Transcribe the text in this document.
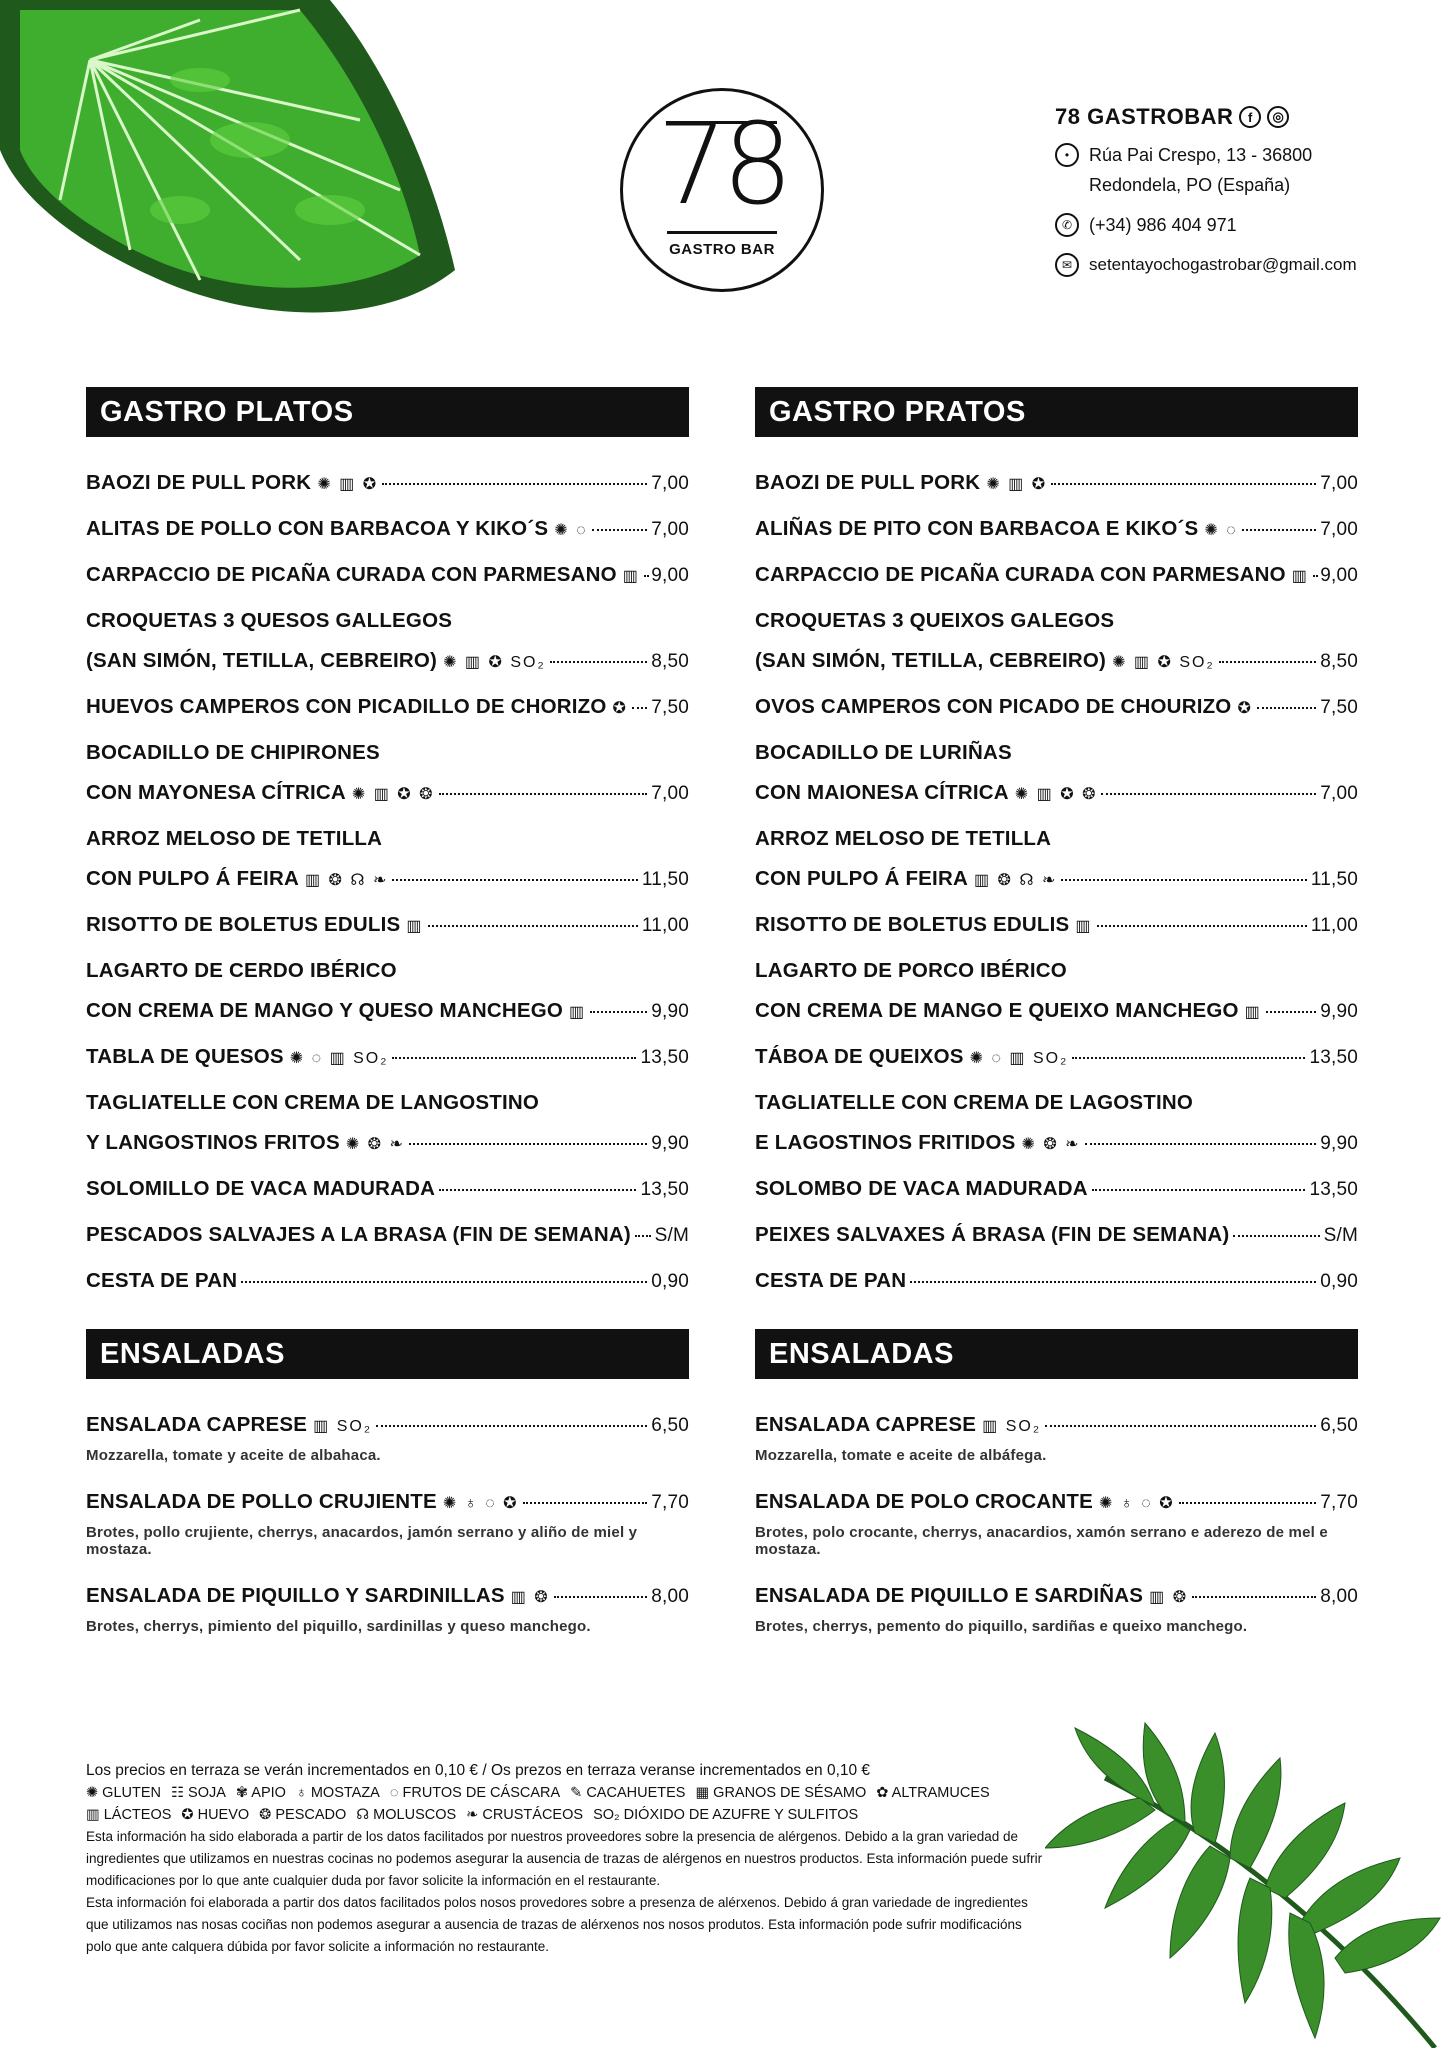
78
GASTRO BAR
78 GASTROBAR	f	◎
•	Rúa Pai Crespo, 13 - 36800
Redondela, PO (España)
✆ (+34) 986 404 971
✉ setentayochogastrobar@gmail.com
GASTRO PLATOS
BAOZI DE PULL PORK ✺ ▥ ✪	7,00
ALITAS DE POLLO CON BARBACOA Y KIKO´S ✺ ◌	7,00
CARPACCIO DE PICAÑA CURADA CON PARMESANO ▥ 9,00
CROQUETAS 3 QUESOS GALLEGOS
(SAN SIMÓN, TETILLA, CEBREIRO) ✺ ▥ ✪ SO₂	8,50
HUEVOS CAMPEROS CON PICADILLO DE CHORIZO ✪ 7,50
BOCADILLO DE CHIPIRONES
CON MAYONESA CÍTRICA ✺ ▥ ✪ ❂	7,00
ARROZ MELOSO DE TETILLA
CON PULPO Á FEIRA ▥ ❂ ☊ ❧	11,50
RISOTTO DE BOLETUS EDULIS ▥	11,00
LAGARTO DE CERDO IBÉRICO
CON CREMA DE MANGO Y QUESO MANCHEGO ▥	9,90
TABLA DE QUESOS ✺ ◌ ▥ SO₂	13,50
TAGLIATELLE CON CREMA DE LANGOSTINO
Y LANGOSTINOS FRITOS ✺ ❂ ❧	9,90
SOLOMILLO DE VACA MADURADA	13,50
PESCADOS SALVAJES A LA BRASA (FIN DE SEMANA) S/M
CESTA DE PAN	0,90
ENSALADAS
ENSALADA CAPRESE ▥ SO₂	6,50
Mozzarella, tomate y aceite de albahaca.
ENSALADA DE POLLO CRUJIENTE ✺ ♁ ◌ ✪	7,70
Brotes, pollo crujiente, cherrys, anacardos, jamón serrano y aliño de miel y mostaza.
ENSALADA DE PIQUILLO Y SARDINILLAS ▥ ❂	8,00
Brotes, cherrys, pimiento del piquillo, sardinillas y queso manchego.
GASTRO PRATOS
BAOZI DE PULL PORK ✺ ▥ ✪	7,00
ALIÑAS DE PITO CON BARBACOA E KIKO´S ✺ ◌	7,00
CARPACCIO DE PICAÑA CURADA CON PARMESANO ▥ 9,00
CROQUETAS 3 QUEIXOS GALEGOS
(SAN SIMÓN, TETILLA, CEBREIRO) ✺ ▥ ✪ SO₂	8,50
OVOS CAMPEROS CON PICADO DE CHOURIZO ✪	7,50
BOCADILLO DE LURIÑAS
CON MAIONESA CÍTRICA ✺ ▥ ✪ ❂	7,00
ARROZ MELOSO DE TETILLA
CON PULPO Á FEIRA ▥ ❂ ☊ ❧	11,50
RISOTTO DE BOLETUS EDULIS ▥	11,00
LAGARTO DE PORCO IBÉRICO
CON CREMA DE MANGO E QUEIXO MANCHEGO ▥	9,90
TÁBOA DE QUEIXOS ✺ ◌ ▥ SO₂	13,50
TAGLIATELLE CON CREMA DE LAGOSTINO
E LAGOSTINOS FRITIDOS ✺ ❂ ❧	9,90
SOLOMBO DE VACA MADURADA	13,50
PEIXES SALVAXES Á BRASA (FIN DE SEMANA)	S/M
CESTA DE PAN	0,90
ENSALADAS
ENSALADA CAPRESE ▥ SO₂	6,50
Mozzarella, tomate e aceite de albáfega.
ENSALADA DE POLO CROCANTE ✺ ♁ ◌ ✪	7,70
Brotes, polo crocante, cherrys, anacardios, xamón serrano e aderezo de mel e mostaza.
ENSALADA DE PIQUILLO E SARDIÑAS ▥ ❂	8,00
Brotes, cherrys, pemento do piquillo, sardiñas e queixo manchego.
Los precios en terraza se verán incrementados en 0,10 € / Os prezos en terraza veranse incrementados en 0,10 €
✺ GLUTEN ☷ SOJA ✾ APIO ♁ MOSTAZA ◌ FRUTOS DE CÁSCARA ✎ CACAHUETES ▦ GRANOS DE SÉSAMO ✿ ALTRAMUCES
▥ LÁCTEOS ✪ HUEVO ❂ PESCADO ☊ MOLUSCOS ❧ CRUSTÁCEOS SO₂ DIÓXIDO DE AZUFRE Y SULFITOS
Esta información ha sido elaborada a partir de los datos facilitados por nuestros proveedores sobre la presencia de alérgenos. Debido a la gran variedad de ingredientes que utilizamos en nuestras cocinas no podemos asegurar la ausencia de trazas de alérgenos en nuestros productos. Esta información puede sufrir modificaciones por lo que ante cualquier duda por favor solicite la información en el restaurante.
Esta información foi elaborada a partir dos datos facilitados polos nosos provedores sobre a presenza de alérxenos. Debido á gran variedade de ingredientes que utilizamos nas nosas cociñas non podemos asegurar a ausencia de trazas de alérxenos nos nosos produtos. Esta información pode sufrir modificacións polo que ante calquera dúbida por favor solicite a información no restaurante.
